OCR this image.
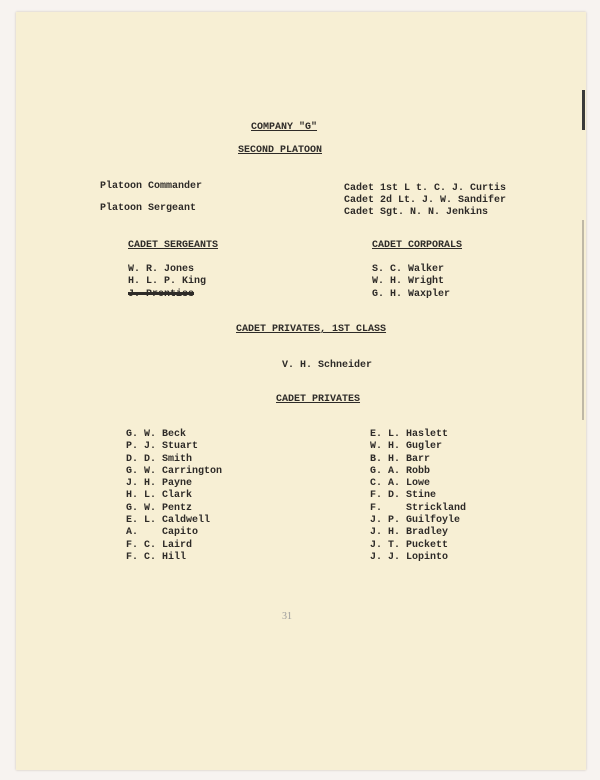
COMPANY "G"
SECOND PLATOON
Platoon Commander
Platoon Sergeant
Cadet 1st L t. C. J. Curtis
Cadet 2d Lt. J. W. Sandifer
Cadet Sgt. N. N. Jenkins
CADET SERGEANTS
W. R. Jones
H. L. P. King
J. Prentiss
CADET CORPORALS
S. C. Walker
W. H. Wright
G. H. Waxpler
CADET PRIVATES, 1ST CLASS
V. H. Schneider
CADET PRIVATES
G. W. Beck
P. J. Stuart
D. D. Smith
G. W. Carrington
J. H. Payne
H. L. Clark
G. W. Pentz
E. L. Caldwell
A.    Capito
F. C. Laird
F. C. Hill
E. L. Haslett
W. H. Gugler
B. H. Barr
G. A. Robb
C. A. Lowe
F. D. Stine
F.    Strickland
J. P. Guilfoyle
J. H. Bradley
J. T. Puckett
J. J. Lopinto
31
